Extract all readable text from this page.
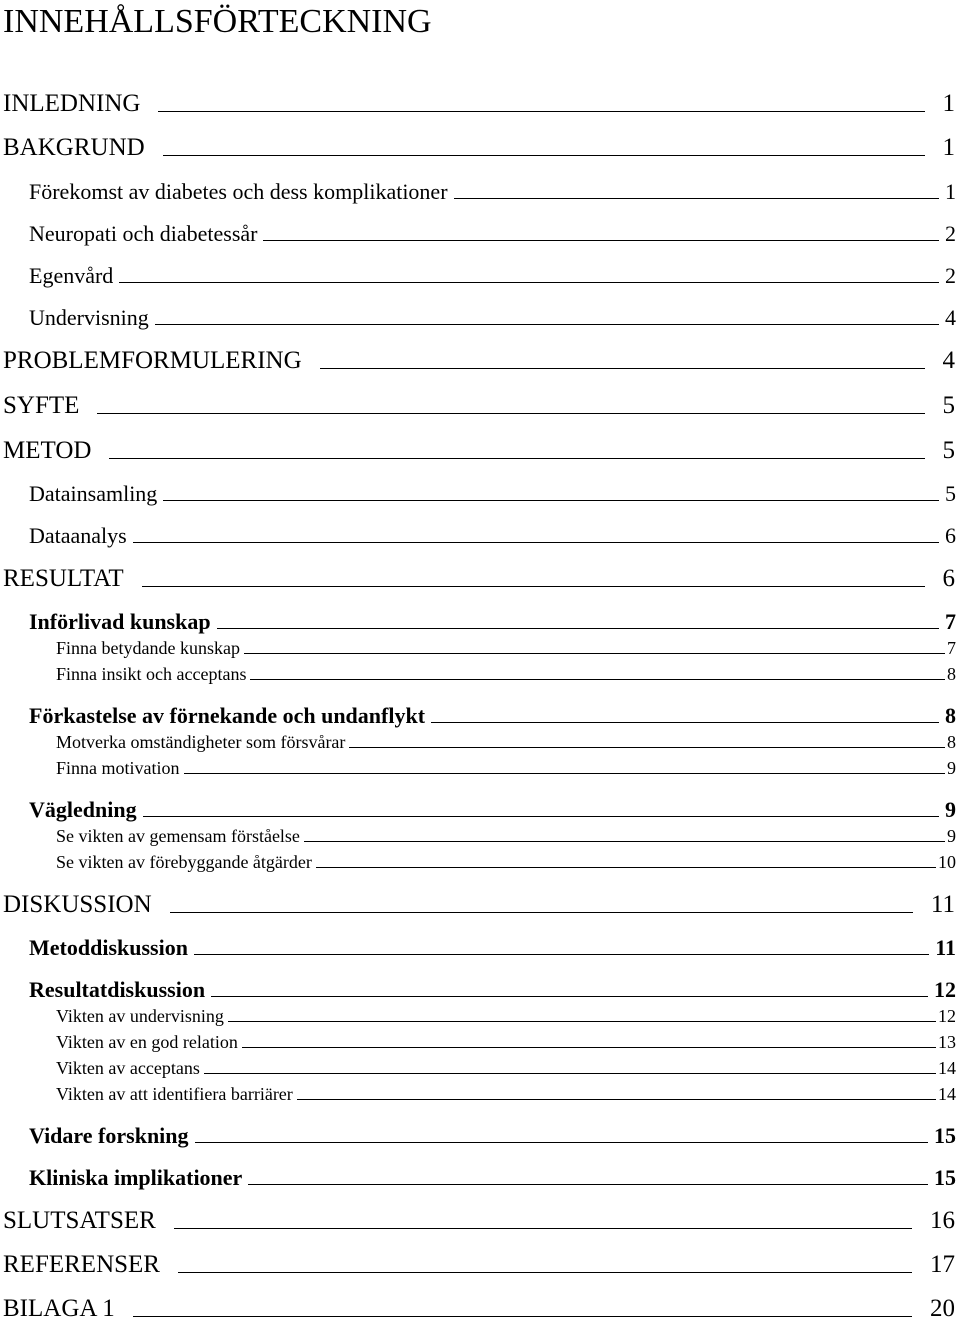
INNEHÅLLSFÖRTECKNING
INLEDNING	1
BAKGRUND	1
Förekomst av diabetes och dess komplikationer	1
Neuropati och diabetessår	2
Egenvård	2
Undervisning	4
PROBLEMFORMULERING	4
SYFTE	5
METOD	5
Datainsamling	5
Dataanalys	6
RESULTAT	6
Införlivad kunskap	7
Finna betydande kunskap	7
Finna insikt och acceptans	8
Förkastelse av förnekande och undanflykt	8
Motverka omständigheter som försvårar	8
Finna motivation	9
Vägledning	9
Se vikten av gemensam förståelse	9
Se vikten av förebyggande åtgärder	10
DISKUSSION	11
Metoddiskussion	11
Resultatdiskussion	12
Vikten av undervisning	12
Vikten av en god relation	13
Vikten av acceptans	14
Vikten av att identifiera barriärer	14
Vidare forskning	15
Kliniska implikationer	15
SLUTSATSER	16
REFERENSER	17
BILAGA 1	20
